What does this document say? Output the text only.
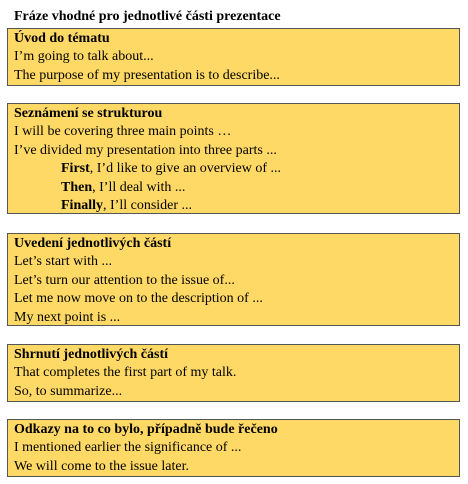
Fráze vhodné pro jednotlivé části prezentace
Úvod do tématu
I’m going to talk about...
The purpose of my presentation is to describe...
Seznámení se strukturou
I will be covering three main points …
I’ve divided my presentation into three parts ...
First, I’d like to give an overview of ...
Then, I’ll deal with ...
Finally, I’ll consider ...
Uvedení jednotlivých částí
Let’s start with ...
Let’s turn our attention to the issue of...
Let me now move on to the description of ...
My next point is ...
Shrnutí jednotlivých částí
That completes the first part of my talk.
So, to summarize...
Odkazy na to co bylo, případně bude řečeno
I mentioned earlier the significance of ...
We will come to the issue later.
